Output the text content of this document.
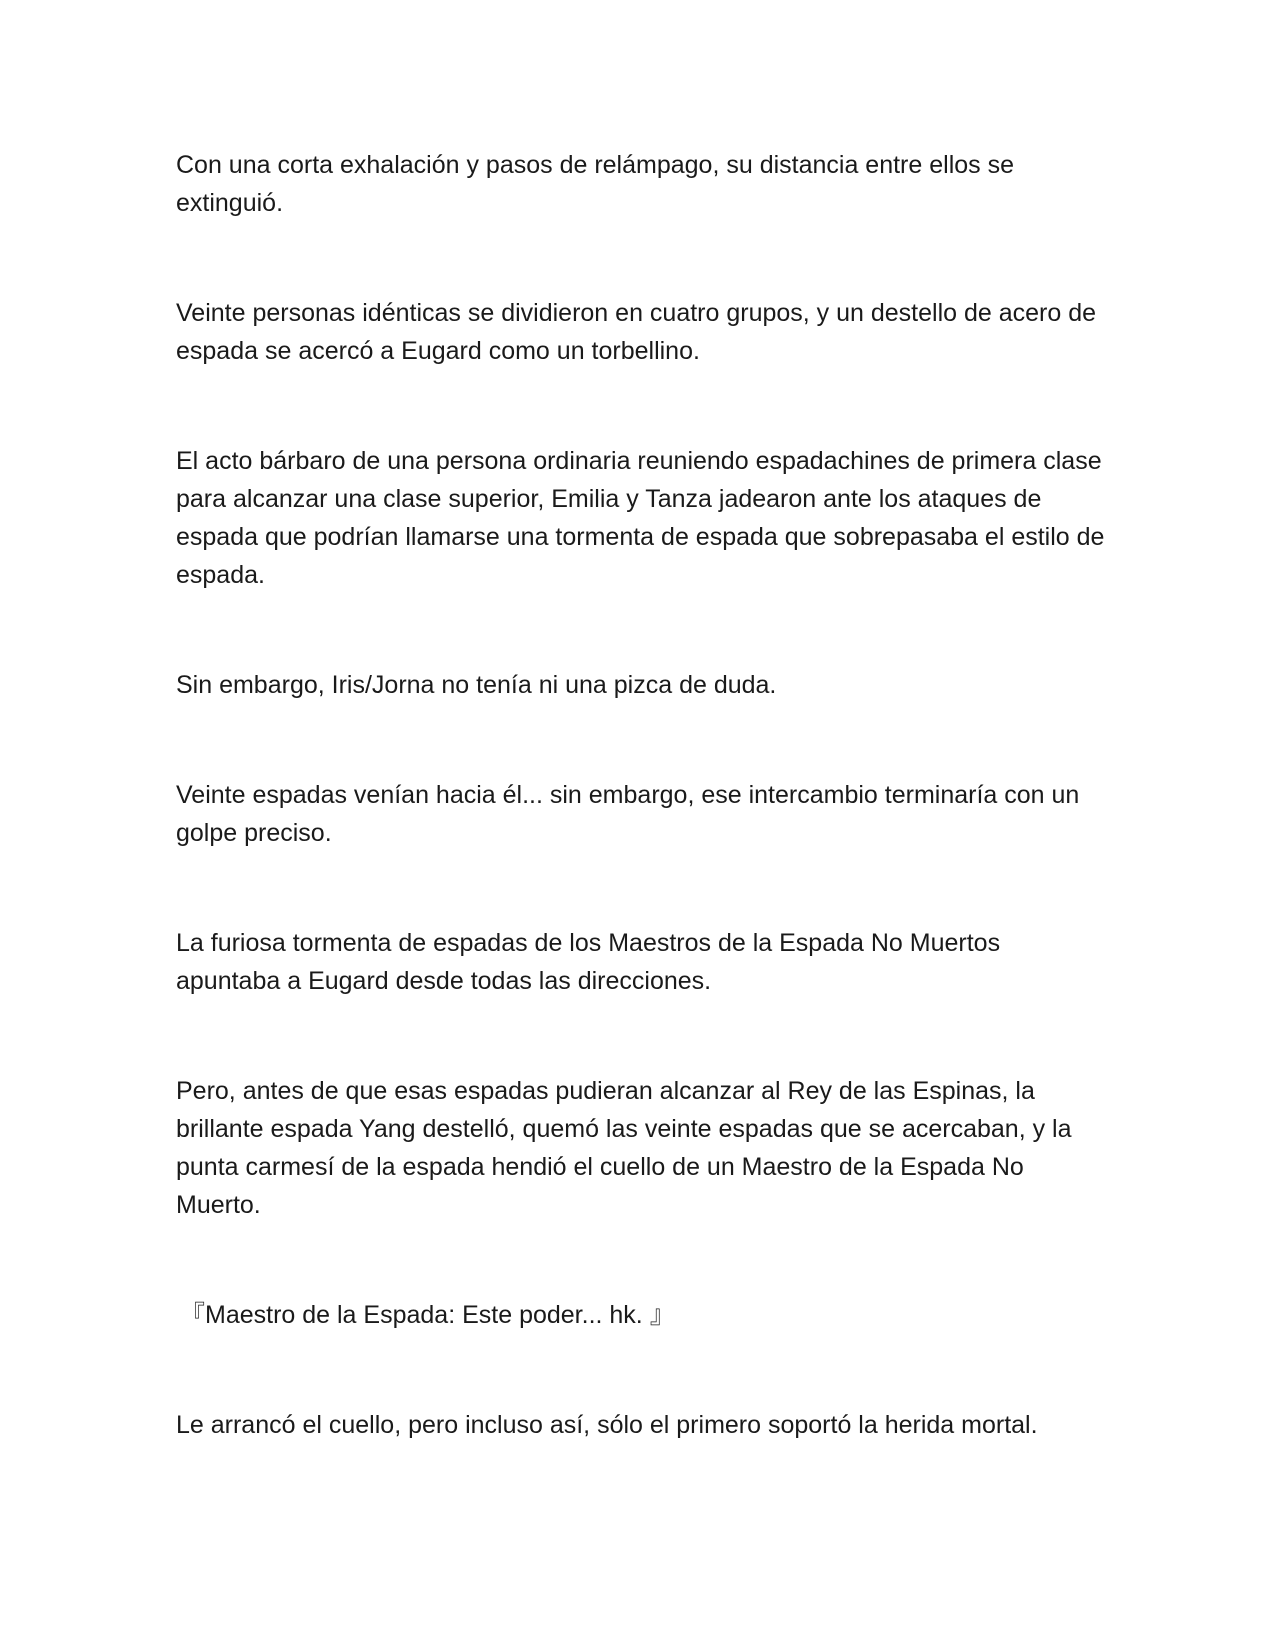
Con una corta exhalación y pasos de relámpago, su distancia entre ellos se extinguió.

Veinte personas idénticas se dividieron en cuatro grupos, y un destello de acero de espada se acercó a Eugard como un torbellino.

El acto bárbaro de una persona ordinaria reuniendo espadachines de primera clase para alcanzar una clase superior, Emilia y Tanza jadearon ante los ataques de espada que podrían llamarse una tormenta de espada que sobrepasaba el estilo de espada.

Sin embargo, Iris/Jorna no tenía ni una pizca de duda.

Veinte espadas venían hacia él... sin embargo, ese intercambio terminaría con un golpe preciso.

La furiosa tormenta de espadas de los Maestros de la Espada No Muertos apuntaba a Eugard desde todas las direcciones.

Pero, antes de que esas espadas pudieran alcanzar al Rey de las Espinas, la brillante espada Yang destelló, quemó las veinte espadas que se acercaban, y la punta carmesí de la espada hendió el cuello de un Maestro de la Espada No Muerto.

『Maestro de la Espada: Este poder... hk. 』

Le arrancó el cuello, pero incluso así, sólo el primero soportó la herida mortal.
